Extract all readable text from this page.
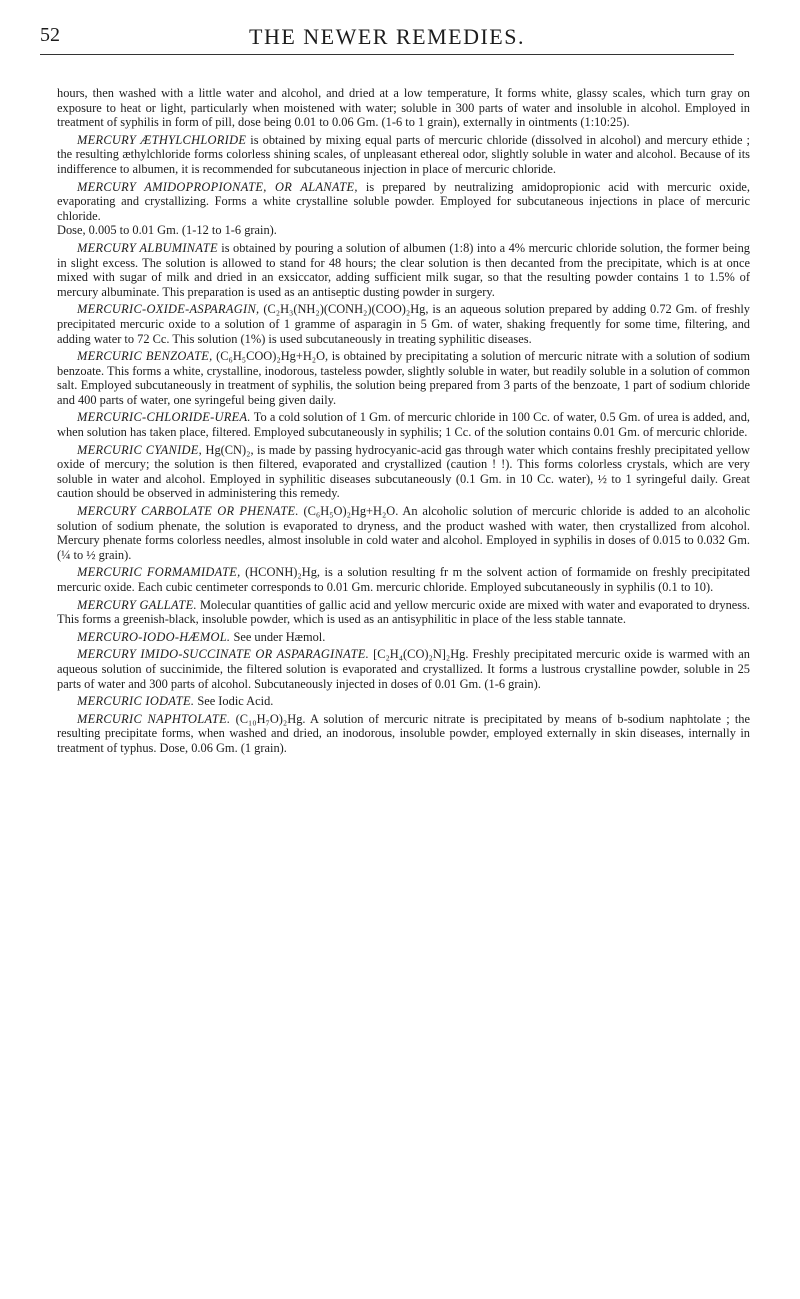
52	THE NEWER REMEDIES.

hours, then washed with a little water and alcohol, and dried at a low temperature, It forms white, glassy scales, which turn gray on exposure to heat or light, particularly when moistened with water; soluble in 300 parts of water and insoluble in alcohol. Employed in treatment of syphilis in form of pill, dose being 0.01 to 0.06 Gm. (1-6 to 1 grain), externally in ointments (1:10:25).

MERCURY ÆTHYLCHLORIDE is obtained by mixing equal parts of mercuric chloride (dissolved in alcohol) and mercury ethide ; the resulting æthylchloride forms colorless shining scales, of unpleasant ethereal odor, slightly soluble in water and alcohol. Because of its indifference to albumen, it is recommended for subcutaneous injection in place of mercuric chloride.

MERCURY AMIDOPROPIONATE, OR ALANATE, is prepared by neutralizing amidopropionic acid with mercuric oxide, evaporating and crystallizing. Forms a white crystalline soluble powder. Employed for subcutaneous injections in place of mercuric chloride.

Dose, 0.005 to 0.01 Gm. (1-12 to 1-6 grain).

MERCURY ALBUMINATE is obtained by pouring a solution of albumen (1:8) into a 4% mercuric chloride solution, the former being in slight excess. The solution is allowed to stand for 48 hours; the clear solution is then decanted from the precipitate, which is at once mixed with sugar of milk and dried in an exsiccator, adding sufficient milk sugar, so that the resulting powder contains 1 to 1.5% of mercury albuminate. This preparation is used as an antiseptic dusting powder in surgery.

MERCURIC-OXIDE-ASPARAGIN, (C₂H₃(NH₂)(CONH₂)(COO)₂Hg, is an aqueous solution prepared by adding 0.72 Gm. of freshly precipitated mercuric oxide to a solution of 1 gramme of asparagin in 5 Gm. of water, shaking frequently for some time, filtering, and adding water to 72 Cc. This solution (1%) is used subcutaneously in treating syphilitic diseases.

MERCURIC BENZOATE, (C₆H₅COO)₂Hg+H₂O, is obtained by precipitating a solution of mercuric nitrate with a solution of sodium benzoate. This forms a white, crystalline, inodorous, tasteless powder, slightly soluble in water, but readily soluble in a solution of common salt. Employed subcutaneously in treatment of syphilis, the solution being prepared from 3 parts of the benzoate, 1 part of sodium chloride and 400 parts of water, one syringeful being given daily.

MERCURIC-CHLORIDE-UREA. To a cold solution of 1 Gm. of mercuric chloride in 100 Cc. of water, 0.5 Gm. of urea is added, and, when solution has taken place, filtered. Employed subcutaneously in syphilis; 1 Cc. of the solution contains 0.01 Gm. of mercuric chloride.

MERCURIC CYANIDE, Hg(CN)₂, is made by passing hydrocyanic-acid gas through water which contains freshly precipitated yellow oxide of mercury; the solution is then filtered, evaporated and crystallized (caution ! !). This forms colorless crystals, which are very soluble in water and alcohol. Employed in syphilitic diseases subcutaneously (0.1 Gm. in 10 Cc. water), ½ to 1 syringeful daily. Great caution should be observed in administering this remedy.

MERCURY CARBOLATE OR PHENATE. (C₆H₅O)₂Hg+H₂O. An alcoholic solution of mercuric chloride is added to an alcoholic solution of sodium phenate, the solution is evaporated to dryness, and the product washed with water, then crystallized from alcohol. Mercury phenate forms colorless needles, almost insoluble in cold water and alcohol. Employed in syphilis in doses of 0.015 to 0.032 Gm. (¼ to ½ grain).

MERCURIC FORMAMIDATE, (HCONH)₂Hg, is a solution resulting fr m the solvent action of formamide on freshly precipitated mercuric oxide. Each cubic centimeter corresponds to 0.01 Gm. mercuric chloride. Employed subcutaneously in syphilis (0.1 to 10).

MERCURY GALLATE. Molecular quantities of gallic acid and yellow mercuric oxide are mixed with water and evaporated to dryness. This forms a greenish-black, insoluble powder, which is used as an antisyphilitic in place of the less stable tannate.

MERCURO-IODO-HÆMOL. See under Hæmol.

MERCURY IMIDO-SUCCINATE OR ASPARAGINATE. [C₂H₄(CO)₂N]₂Hg. Freshly precipitated mercuric oxide is warmed with an aqueous solution of succinimide, the filtered solution is evaporated and crystallized. It forms a lustrous crystalline powder, soluble in 25 parts of water and 300 parts of alcohol. Subcutaneously injected in doses of 0.01 Gm. (1-6 grain).

MERCURIC IODATE. See Iodic Acid.

MERCURIC NAPHTOLATE. (C₁₀H₇O)₂Hg. A solution of mercuric nitrate is precipitated by means of b-sodium naphtolate ; the resulting precipitate forms, when washed and dried, an inodorous, insoluble powder, employed externally in skin diseases, internally in treatment of typhus. Dose, 0.06 Gm. (1 grain).
